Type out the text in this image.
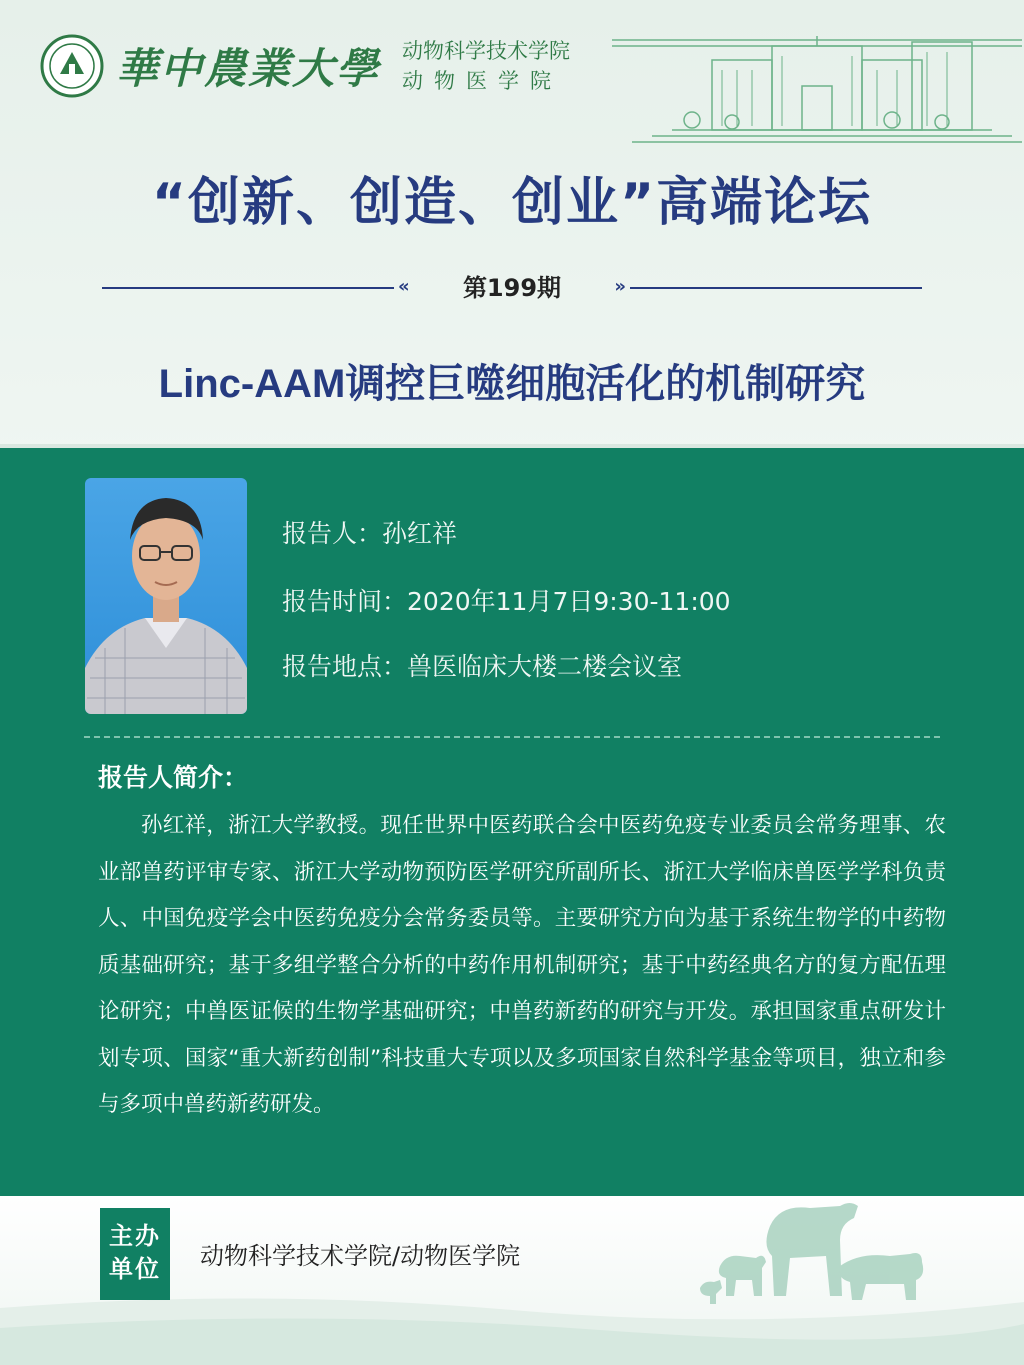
華中農業大學 动物科学技术学院
动物医学院
“创新、创造、创业”高端论坛
«	第199期	»
Linc-AAM调控巨噬细胞活化的机制研究
报告人：孙红祥
报告时间：2020年11月7日9:30-11:00
报告地点：兽医临床大楼二楼会议室
报告人简介：
孙红祥，浙江大学教授。现任世界中医药联合会中医药免疫专业委员会常务理事、农业部兽药评审专家、浙江大学动物预防医学研究所副所长、浙江大学临床兽医学学科负责人、中国免疫学会中医药免疫分会常务委员等。主要研究方向为基于系统生物学的中药物质基础研究；基于多组学整合分析的中药作用机制研究；基于中药经典名方的复方配伍理论研究；中兽医证候的生物学基础研究；中兽药新药的研究与开发。承担国家重点研发计划专项、国家“重大新药创制”科技重大专项以及多项国家自然科学基金等项目，独立和参与多项中兽药新药研发。
主办
单位	动物科学技术学院/动物医学院
